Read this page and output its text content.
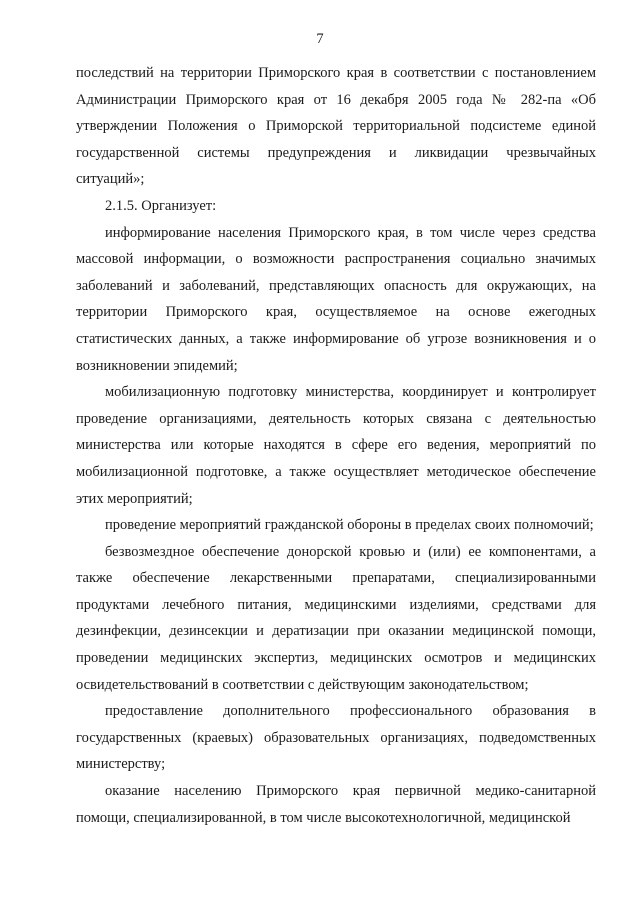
7

последствий на территории Приморского края в соответствии с постановлением Администрации Приморского края от 16 декабря 2005 года № 282-па «Об утверждении Положения о Приморской территориальной подсистеме единой государственной системы предупреждения и ликвидации чрезвычайных ситуаций»;

2.1.5. Организует:

информирование населения Приморского края, в том числе через средства массовой информации, о возможности распространения социально значимых заболеваний и заболеваний, представляющих опасность для окружающих, на территории Приморского края, осуществляемое на основе ежегодных статистических данных, а также информирование об угрозе возникновения и о возникновении эпидемий;

мобилизационную подготовку министерства, координирует и контролирует проведение организациями, деятельность которых связана с деятельностью министерства или которые находятся в сфере его ведения, мероприятий по мобилизационной подготовке, а также осуществляет методическое обеспечение этих мероприятий;

проведение мероприятий гражданской обороны в пределах своих полномочий;

безвозмездное обеспечение донорской кровью и (или) ее компонентами, а также обеспечение лекарственными препаратами, специализированными продуктами лечебного питания, медицинскими изделиями, средствами для дезинфекции, дезинсекции и дератизации при оказании медицинской помощи, проведении медицинских экспертиз, медицинских осмотров и медицинских освидетельствований в соответствии с действующим законодательством;

предоставление дополнительного профессионального образования в государственных (краевых) образовательных организациях, подведомственных министерству;

оказание населению Приморского края первичной медико-санитарной помощи, специализированной, в том числе высокотехнологичной, медицинской
